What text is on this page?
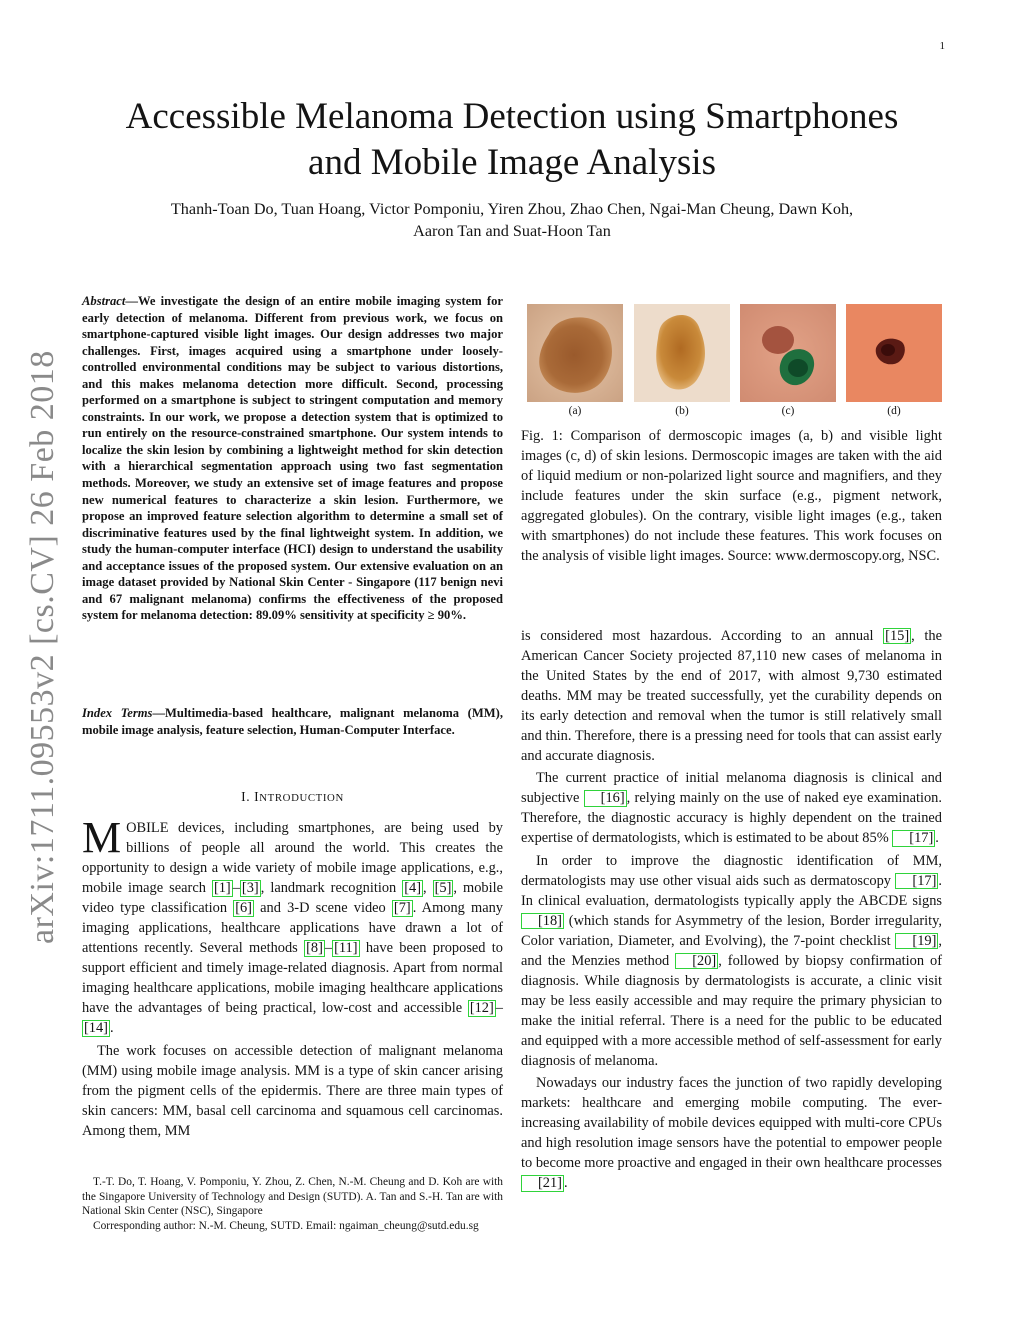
1
arXiv:1711.09553v2 [cs.CV] 26 Feb 2018
Accessible Melanoma Detection using Smartphones
and Mobile Image Analysis
Thanh-Toan Do, Tuan Hoang, Victor Pomponiu, Yiren Zhou, Zhao Chen, Ngai-Man Cheung, Dawn Koh,
Aaron Tan and Suat-Hoon Tan
Abstract—We investigate the design of an entire mobile imaging system for early detection of melanoma. Different from previous work, we focus on smartphone-captured visible light images. Our design addresses two major challenges. First, images acquired using a smartphone under loosely-controlled environmental conditions may be subject to various distortions, and this makes melanoma detection more difficult. Second, processing performed on a smartphone is subject to stringent computation and memory constraints. In our work, we propose a detection system that is optimized to run entirely on the resource-constrained smartphone. Our system intends to localize the skin lesion by combining a lightweight method for skin detection with a hierarchical segmentation approach using two fast segmentation methods. Moreover, we study an extensive set of image features and propose new numerical features to characterize a skin lesion. Furthermore, we propose an improved feature selection algorithm to determine a small set of discriminative features used by the final lightweight system. In addition, we study the human-computer interface (HCI) design to understand the usability and acceptance issues of the proposed system. Our extensive evaluation on an image dataset provided by National Skin Center - Singapore (117 benign nevi and 67 malignant melanoma) confirms the effectiveness of the proposed system for melanoma detection: 89.09% sensitivity at specificity ≥ 90%.
Index Terms—Multimedia-based healthcare, malignant melanoma (MM), mobile image analysis, feature selection, Human-Computer Interface.
I. INTRODUCTION

MOBILE devices, including smartphones, are being used by billions of people all around the world. This creates the opportunity to design a wide variety of mobile image applications, e.g., mobile image search [1] – [3] , landmark recognition [4] , [5] , mobile video type classification [6] and 3-D scene video [7] . Among many imaging applications, healthcare applications have drawn a lot of attentions recently. Several methods [8] – [11] have been proposed to support efficient and timely image-related diagnosis. Apart from normal imaging healthcare applications, mobile imaging healthcare applications have the advantages of being practical, low-cost and accessible [12] –[14] .

The work focuses on accessible detection of malignant melanoma (MM) using mobile image analysis. MM is a type of skin cancer arising from the pigment cells of the epidermis. There are three main types of skin cancers: MM, basal cell carcinoma and squamous cell carcinomas. Among them, MM

T.-T. Do, T. Hoang, V. Pomponiu, Y. Zhou, Z. Chen, N.-M. Cheung and D. Koh are with the Singapore University of Technology and Design (SUTD). A. Tan and S.-H. Tan are with National Skin Center (NSC), Singapore

Corresponding author: N.-M. Cheung, SUTD. Email: ngaiman_cheung@sutd.edu.sg

(a)	(b)	(c)	(d)
Fig. 1: Comparison of dermoscopic images (a, b) and visible light images (c, d) of skin lesions. Dermoscopic images are taken with the aid of liquid medium or non-polarized light source and magnifiers, and they include features under the skin surface (e.g., pigment network, aggregated globules). On the contrary, visible light images (e.g., taken with smartphones) do not include these features. This work focuses on the analysis of visible light images. Source: www.dermoscopy.org, NSC.

is considered most hazardous. According to an annual [15] , the American Cancer Society projected 87,110 new cases of melanoma in the United States by the end of 2017, with almost 9,730 estimated deaths. MM may be treated successfully, yet the curability depends on its early detection and removal when the tumor is still relatively small and thin. Therefore, there is a pressing need for tools that can assist early and accurate diagnosis.

The current practice of initial melanoma diagnosis is clinical and subjective [16] , relying mainly on the use of naked eye examination. Therefore, the diagnostic accuracy is highly dependent on the trained expertise of dermatologists, which is estimated to be about 85% [17] .

In order to improve the diagnostic identification of MM, dermatologists may use other visual aids such as dermatoscopy [17] . In clinical evaluation, dermatologists typically apply the ABCDE signs [18] (which stands for Asymmetry of the lesion, Border irregularity, Color variation, Diameter, and Evolving), the 7-point checklist [19] , and the Menzies method [20] , followed by biopsy confirmation of diagnosis. While diagnosis by dermatologists is accurate, a clinic visit may be less easily accessible and may require the primary physician to make the initial referral. There is a need for the public to be educated and equipped with a more accessible method of self-assessment for early diagnosis of melanoma.

Nowadays our industry faces the junction of two rapidly developing markets: healthcare and emerging mobile computing. The ever-increasing availability of mobile devices equipped with multi-core CPUs and high resolution image sensors have the potential to empower people to become more proactive and engaged in their own healthcare processes [21] .
